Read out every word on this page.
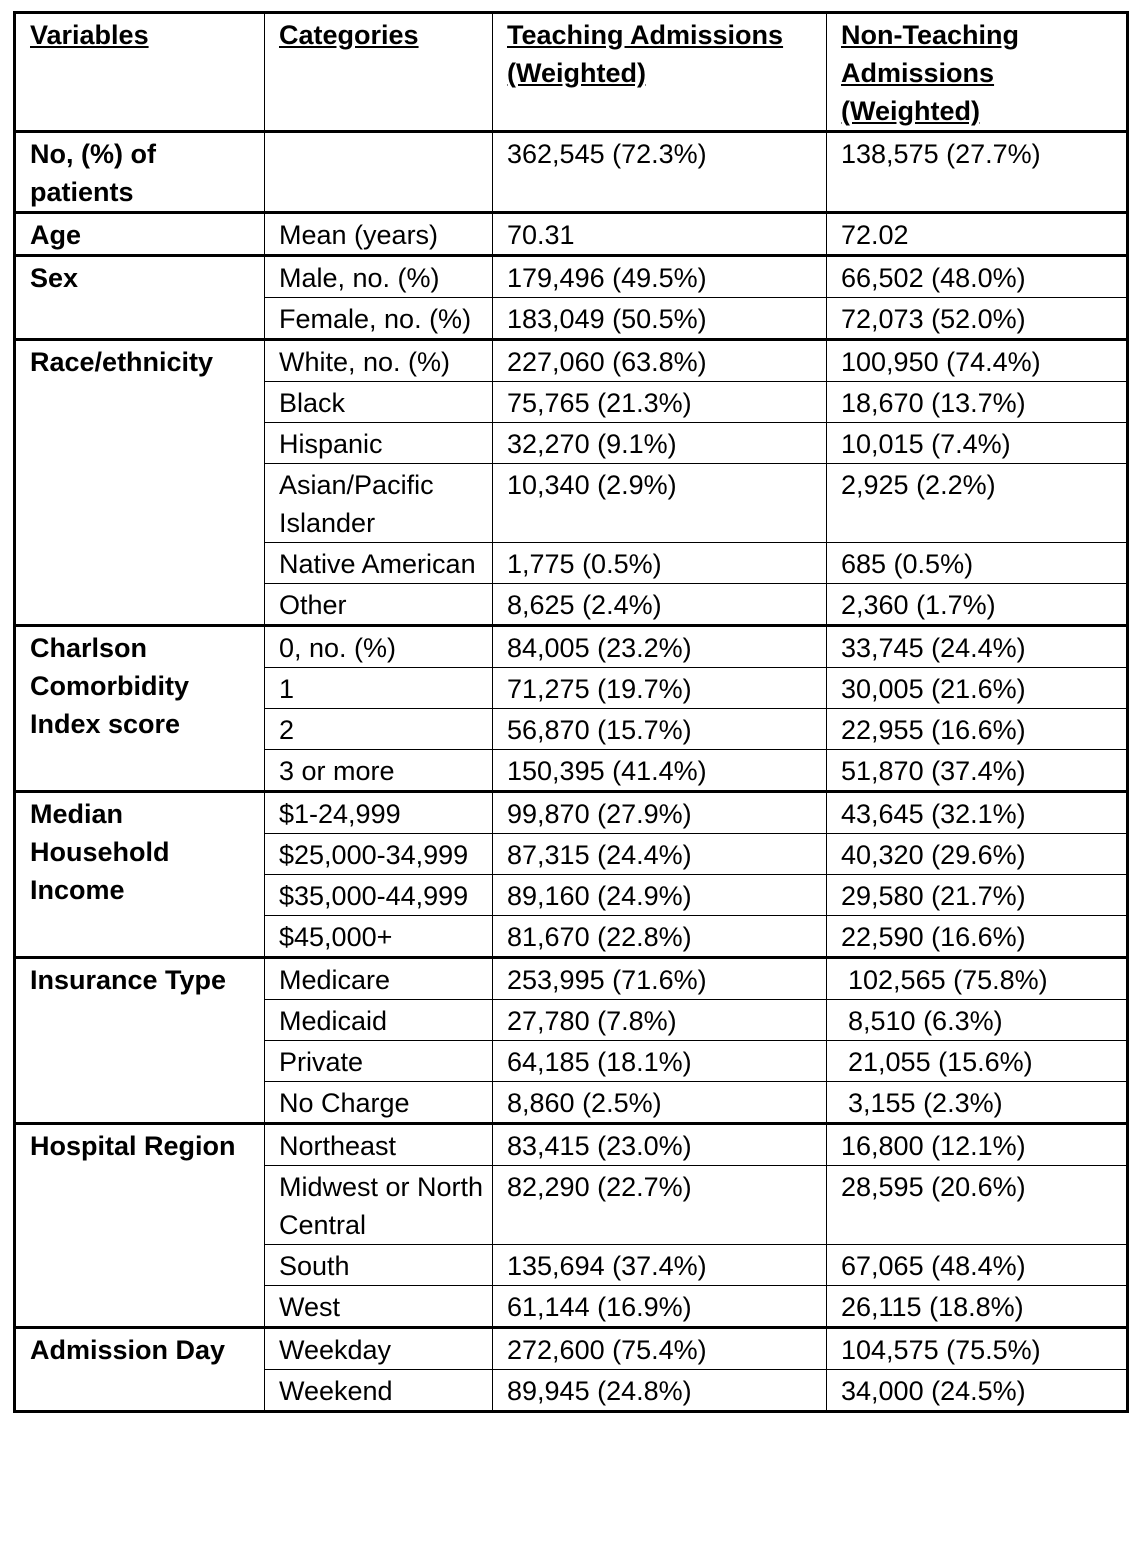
Variables	Categories	Teaching Admissions (Weighted)	Non-Teaching Admissions (Weighted)
No, (%) of patients		362,545 (72.3%)	138,575 (27.7%)
Age	Mean (years)	70.31	72.02
Sex	Male, no. (%)	179,496 (49.5%)	66,502 (48.0%)
	Female, no. (%)	183,049 (50.5%)	72,073 (52.0%)
Race/ethnicity	White, no. (%)	227,060 (63.8%)	100,950 (74.4%)
	Black	75,765 (21.3%)	18,670 (13.7%)
	Hispanic	32,270 (9.1%)	10,015 (7.4%)
	Asian/Pacific Islander	10,340 (2.9%)	2,925 (2.2%)
	Native American	1,775 (0.5%)	685 (0.5%)
	Other	8,625 (2.4%)	2,360 (1.7%)
Charlson Comorbidity Index score	0, no. (%)	84,005 (23.2%)	33,745 (24.4%)
	1	71,275 (19.7%)	30,005 (21.6%)
	2	56,870 (15.7%)	22,955 (16.6%)
	3 or more	150,395 (41.4%)	51,870 (37.4%)
Median Household Income	$1-24,999	99,870 (27.9%)	43,645 (32.1%)
	$25,000-34,999	87,315 (24.4%)	40,320 (29.6%)
	$35,000-44,999	89,160 (24.9%)	29,580 (21.7%)
	$45,000+	81,670 (22.8%)	22,590 (16.6%)
Insurance Type	Medicare	253,995 (71.6%)	102,565 (75.8%)
	Medicaid	27,780 (7.8%)	8,510 (6.3%)
	Private	64,185 (18.1%)	21,055 (15.6%)
	No Charge	8,860 (2.5%)	3,155 (2.3%)
Hospital Region	Northeast	83,415 (23.0%)	16,800 (12.1%)
	Midwest or North Central	82,290 (22.7%)	28,595 (20.6%)
	South	135,694 (37.4%)	67,065 (48.4%)
	West	61,144 (16.9%)	26,115 (18.8%)
Admission Day	Weekday	272,600 (75.4%)	104,575 (75.5%)
	Weekend	89,945 (24.8%)	34,000 (24.5%)
